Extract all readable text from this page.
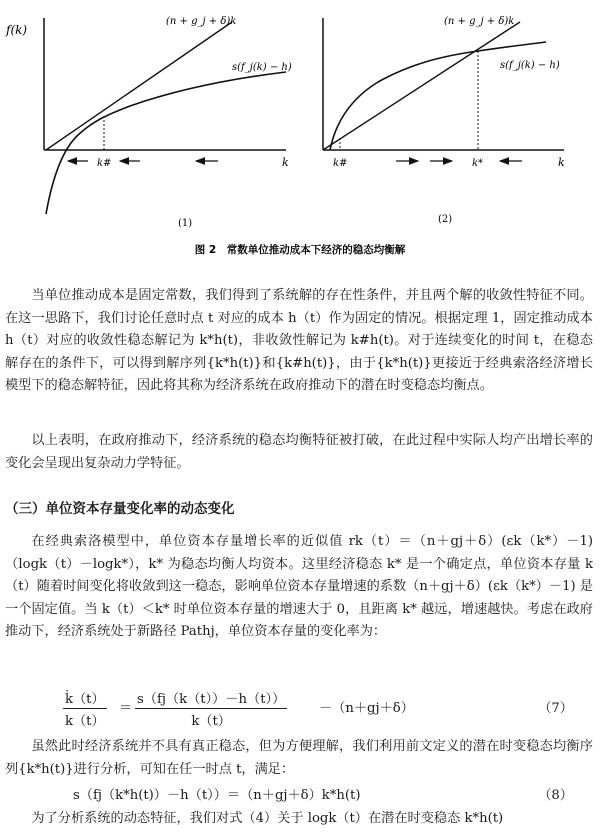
f(k)
k
(n + g_j + δ)k
s(f_j(k) − h)
k#
(1)
k
(n + g_j + δ)k
s(f_j(k) − h)
k#	k*
(2)
图 2　常数单位推动成本下经济的稳态均衡解

当单位推动成本是固定常数，我们得到了系统解的存在性条件，并且两个解的收敛性特征不同。在这一思路下，我们讨论任意时点 t 对应的成本 h（t）作为固定的情况。根据定理 1，固定推动成本 h（t）对应的收敛性稳态解记为 k*h(t)，非收敛性解记为 k#h(t)。对于连续变化的时间 t，在稳态解存在的条件下，可以得到解序列{k*h(t)}和{k#h(t)}，由于{k*h(t)}更接近于经典索洛经济增长模型下的稳态解特征，因此将其称为经济系统在政府推动下的潜在时变稳态均衡点。

以上表明，在政府推动下，经济系统的稳态均衡特征被打破，在此过程中实际人均产出增长率的变化会呈现出复杂动力学特征。

（三）单位资本存量变化率的动态变化

在经典索洛模型中，单位资本存量增长率的近似值 rk（t）＝（n＋gj＋δ）(εk（k*）－1)（logk（t）－logk*），k* 为稳态均衡人均资本。这里经济稳态 k* 是一个确定点，单位资本存量 k（t）随着时间变化将收敛到这一稳态，影响单位资本存量增速的系数（n＋gj＋δ）(εk（k*）－1) 是一个固定值。当 k（t）＜k* 时单位资本存量的增速大于 0，且距离 k* 越远，增速越快。考虑在政府推动下，经济系统处于新路径 Pathj，单位资本存量的变化率为：

$\frac{k̇(t)}{k(t)} = \frac{s(fj(k(t))-h(t))}{k(t)} -(n+gj+\delta)$	（7）

虽然此时经济系统并不具有真正稳态，但为方便理解，我们利用前文定义的潜在时变稳态均衡序列{k*h(t)}进行分析，可知在任一时点 t，满足：

s（fj（k*h(t)）－h（t））＝（n＋gj＋δ）k*h(t)	（8）

为了分析系统的动态特征，我们对式（4）关于 logk（t）在潜在时变稳态 k*h(t)
